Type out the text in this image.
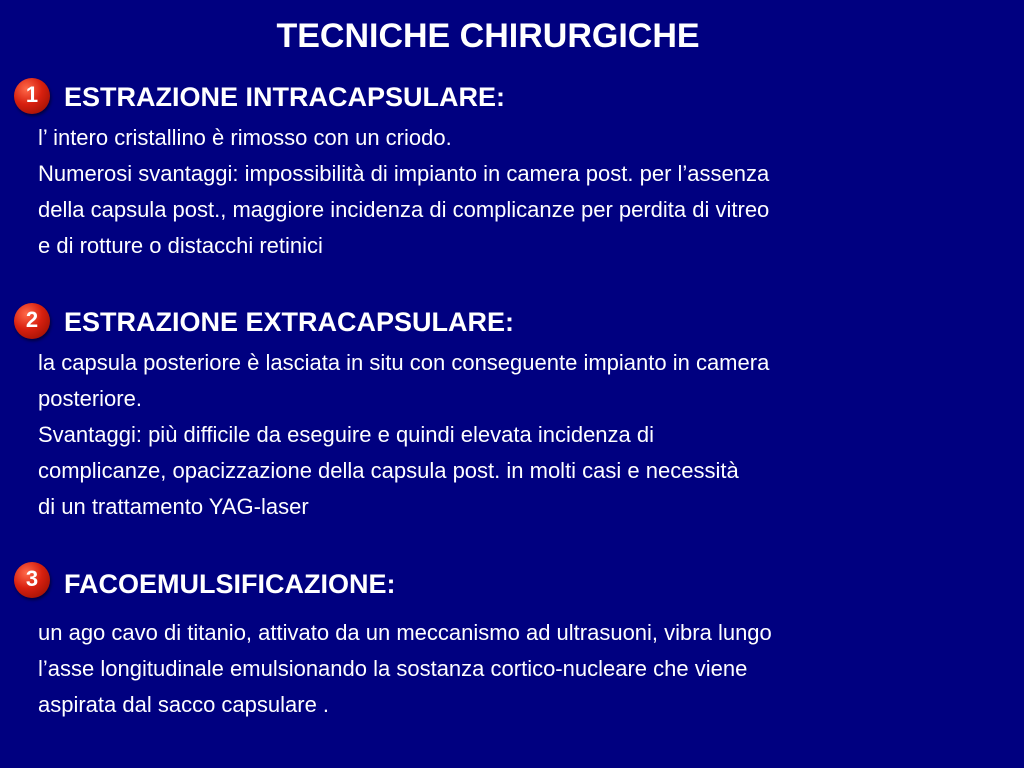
TECNICHE CHIRURGICHE
1 ESTRAZIONE INTRACAPSULARE:
l’ intero cristallino è rimosso con un criodo.
Numerosi svantaggi: impossibilità di impianto in camera post. per l’assenza
della capsula post., maggiore incidenza di complicanze per perdita di vitreo
e di rotture o distacchi retinici
2 ESTRAZIONE EXTRACAPSULARE:
la capsula posteriore è lasciata in situ con conseguente impianto in camera
posteriore.
Svantaggi: più difficile da eseguire e quindi elevata incidenza di
complicanze, opacizzazione della capsula post. in molti casi e necessità
di un trattamento YAG-laser
3 FACOEMULSIFICAZIONE:
un ago cavo di titanio, attivato da un meccanismo ad ultrasuoni, vibra lungo
l’asse longitudinale emulsionando la sostanza cortico-nucleare che viene
aspirata dal sacco capsulare .
